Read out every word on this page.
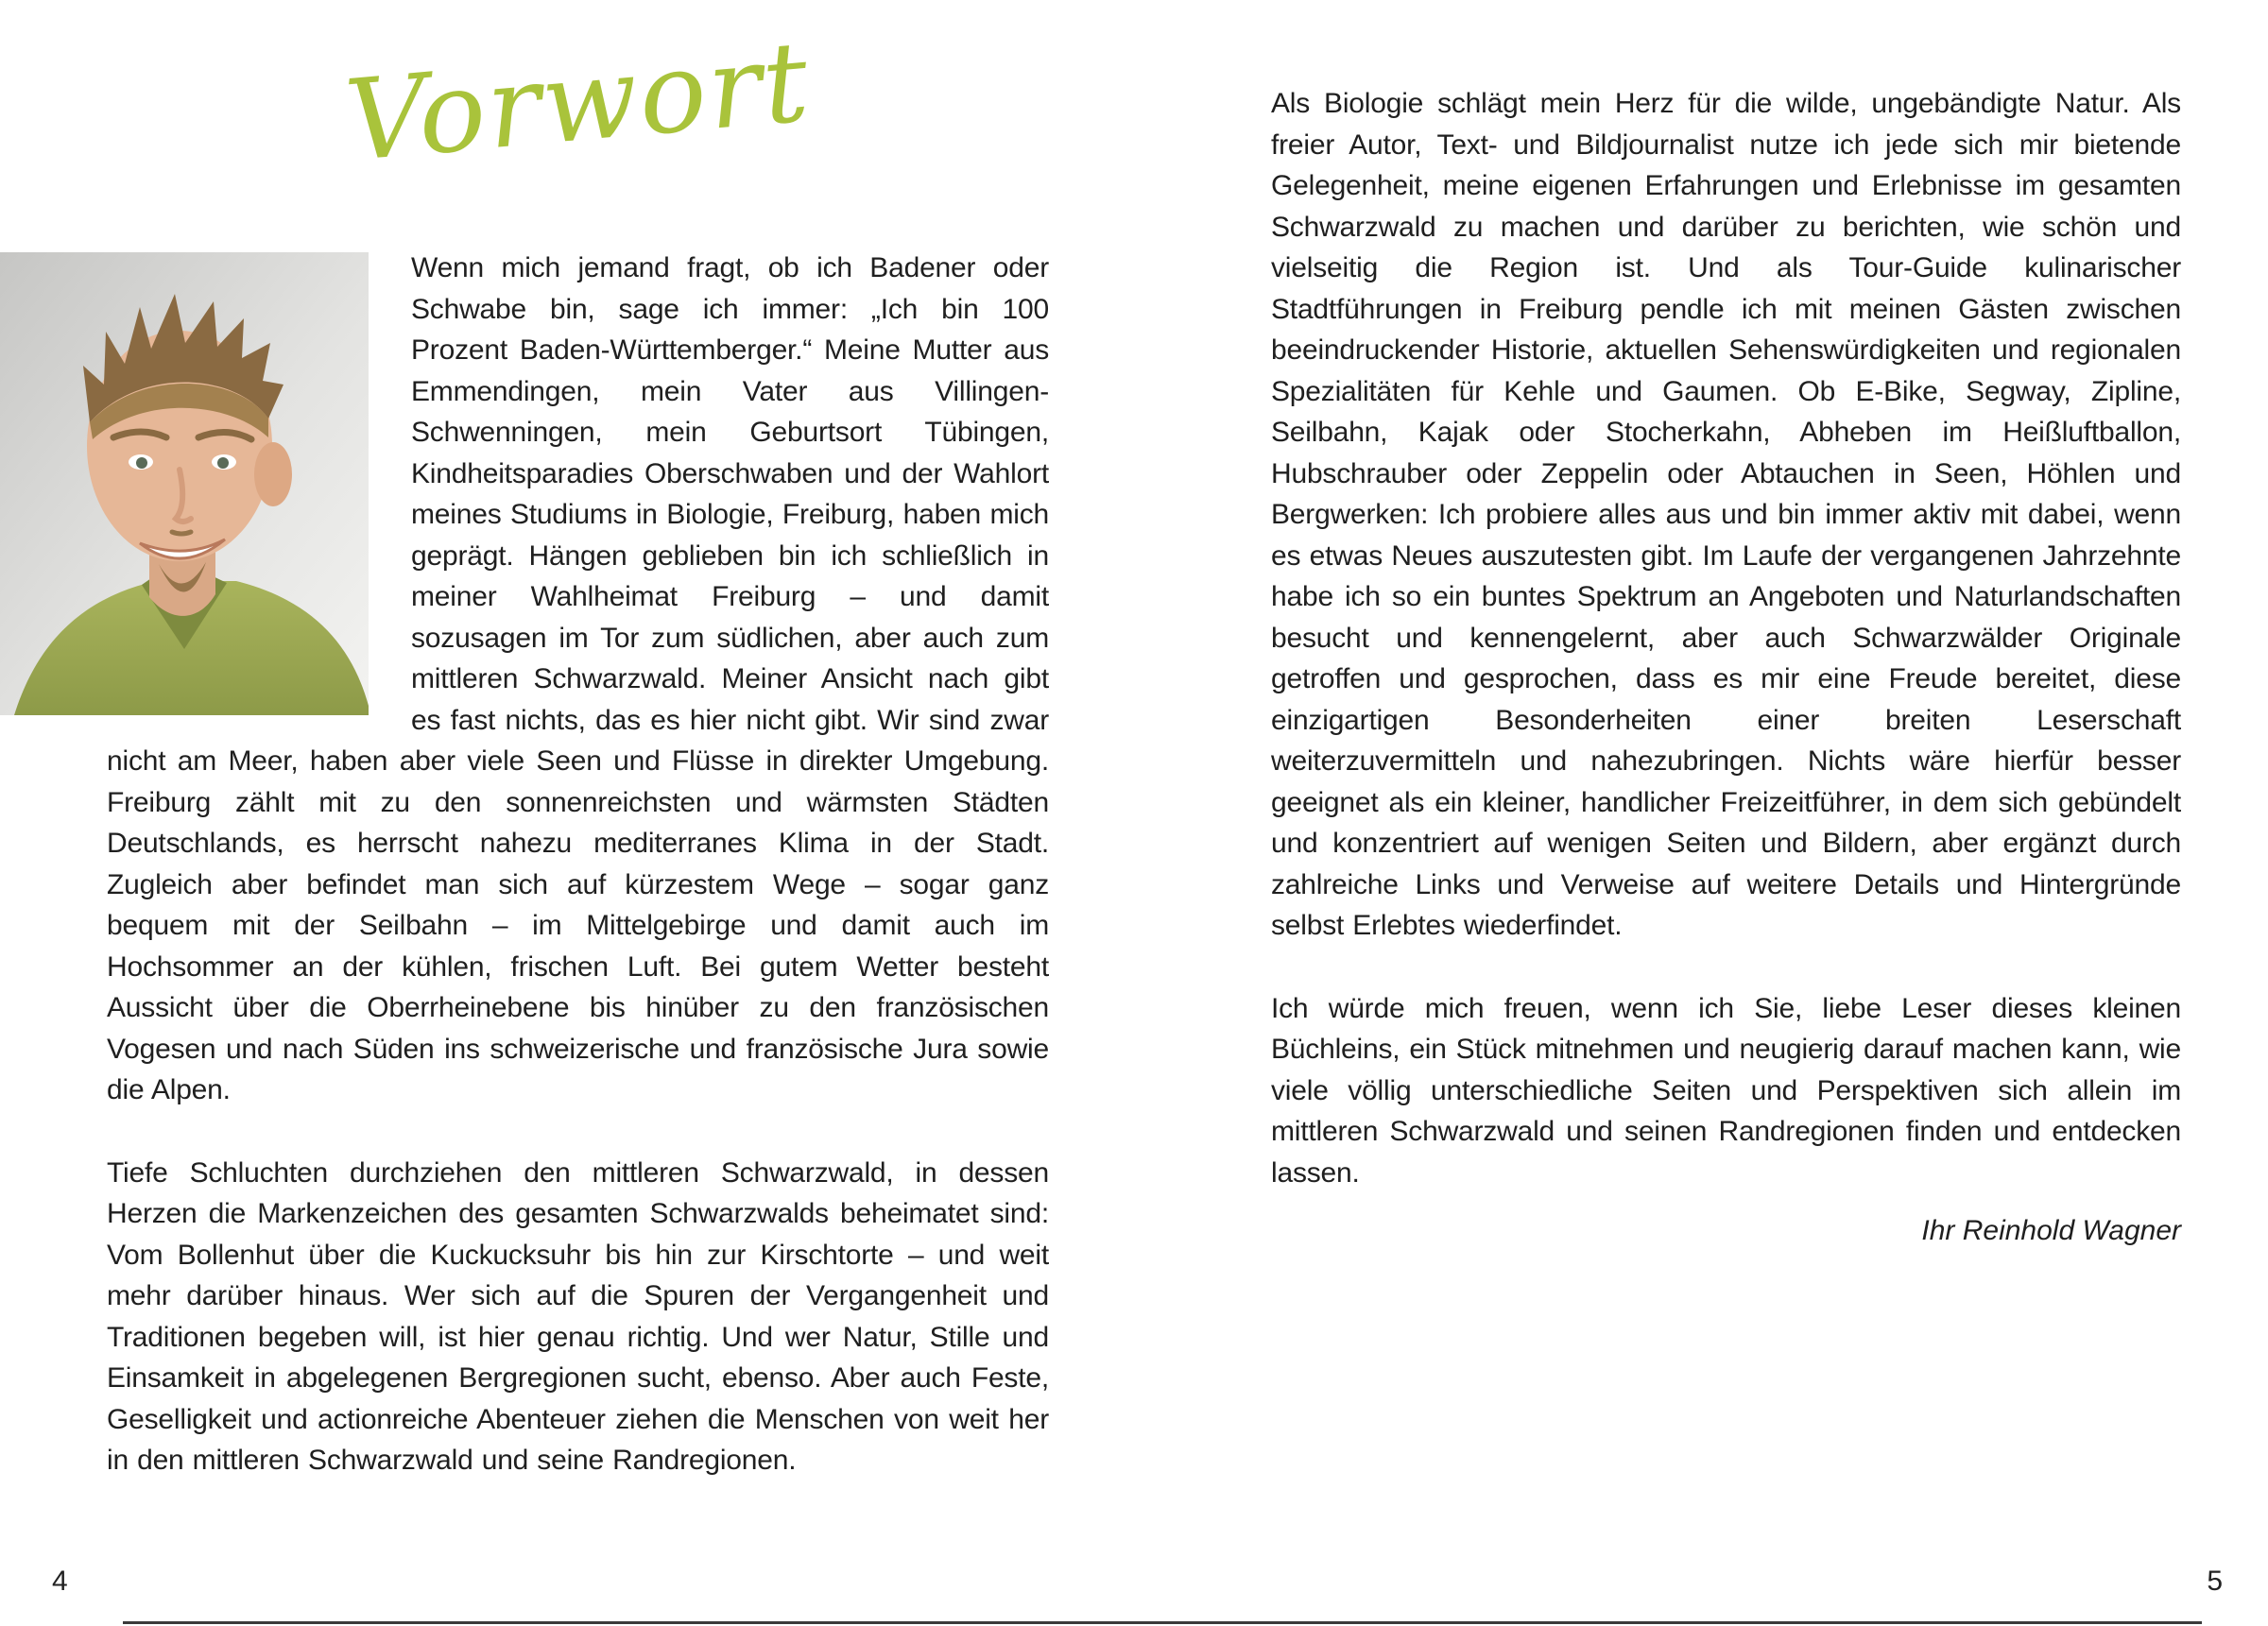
Vorwort

Wenn mich jemand fragt, ob ich Badener oder Schwabe bin, sage ich immer: „Ich bin 100 Prozent Baden-Württemberger.“ Meine Mutter aus Emmendingen, mein Vater aus Villingen-Schwenningen, mein Geburtsort Tübingen, Kindheitsparadies Oberschwaben und der Wahlort meines Studiums in Biologie, Freiburg, haben mich geprägt. Hängen geblieben bin ich schließlich in meiner Wahlheimat Freiburg – und damit sozusagen im Tor zum südlichen, aber auch zum mittleren Schwarzwald. Meiner Ansicht nach gibt es fast nichts, das es hier nicht gibt. Wir sind zwar nicht am Meer, haben aber viele Seen und Flüsse in direkter Umgebung. Freiburg zählt mit zu den sonnenreichsten und wärmsten Städten Deutschlands, es herrscht nahezu mediterranes Klima in der Stadt. Zugleich aber befindet man sich auf kürzestem Wege – sogar ganz bequem mit der Seilbahn – im Mittelgebirge und damit auch im Hochsommer an der kühlen, frischen Luft. Bei gutem Wetter besteht Aussicht über die Oberrheinebene bis hinüber zu den französischen Vogesen und nach Süden ins schweizerische und französische Jura sowie die Alpen.

Tiefe Schluchten durchziehen den mittleren Schwarzwald, in dessen Herzen die Markenzeichen des gesamten Schwarzwalds beheimatet sind: Vom Bollenhut über die Kuckucksuhr bis hin zur Kirschtorte – und weit mehr darüber hinaus. Wer sich auf die Spuren der Vergangenheit und Traditionen begeben will, ist hier genau richtig. Und wer Natur, Stille und Einsamkeit in abgelegenen Bergregionen sucht, ebenso. Aber auch Feste, Geselligkeit und actionreiche Abenteuer ziehen die Menschen von weit her in den mittleren Schwarzwald und seine Randregionen.

Als Biologie schlägt mein Herz für die wilde, ungebändigte Natur. Als freier Autor, Text- und Bildjournalist nutze ich jede sich mir bietende Gelegenheit, meine eigenen Erfahrungen und Erlebnisse im gesamten Schwarzwald zu machen und darüber zu berichten, wie schön und vielseitig die Region ist. Und als Tour-Guide kulinarischer Stadtführungen in Freiburg pendle ich mit meinen Gästen zwischen beeindruckender Historie, aktuellen Sehenswürdigkeiten und regionalen Spezialitäten für Kehle und Gaumen. Ob E-Bike, Segway, Zipline, Seilbahn, Kajak oder Stocherkahn, Abheben im Heißluftballon, Hubschrauber oder Zeppelin oder Abtauchen in Seen, Höhlen und Bergwerken: Ich probiere alles aus und bin immer aktiv mit dabei, wenn es etwas Neues auszutesten gibt. Im Laufe der vergangenen Jahrzehnte habe ich so ein buntes Spektrum an Angeboten und Naturlandschaften besucht und kennengelernt, aber auch Schwarzwälder Originale getroffen und gesprochen, dass es mir eine Freude bereitet, diese einzigartigen Besonderheiten einer breiten Leserschaft weiterzuvermitteln und nahezubringen. Nichts wäre hierfür besser geeignet als ein kleiner, handlicher Freizeitführer, in dem sich gebündelt und konzentriert auf wenigen Seiten und Bildern, aber ergänzt durch zahlreiche Links und Verweise auf weitere Details und Hintergründe selbst Erlebtes wiederfindet.

Ich würde mich freuen, wenn ich Sie, liebe Leser dieses kleinen Büchleins, ein Stück mitnehmen und neugierig darauf machen kann, wie viele völlig unterschiedliche Seiten und Perspektiven sich allein im mittleren Schwarzwald und seinen Randregionen finden und entdecken lassen.

Ihr Reinhold Wagner
4	5
